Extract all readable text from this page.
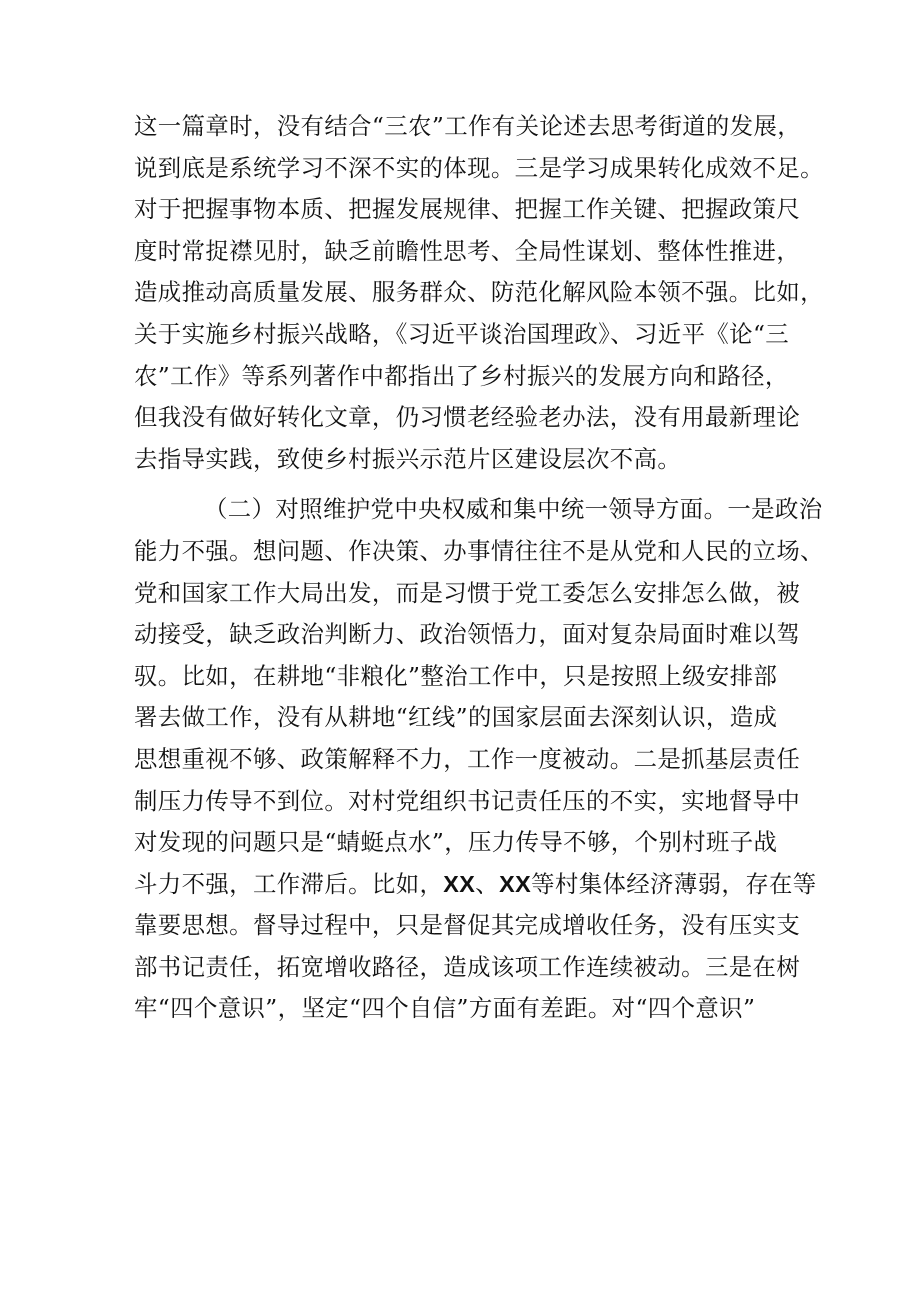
这一篇章时，没有结合“三农”工作有关论述去思考街道的发展，
说到底是系统学习不深不实的体现。三是学习成果转化成效不足。
对于把握事物本质、把握发展规律、把握工作关键、把握政策尺
度时常捉襟见肘，缺乏前瞻性思考、全局性谋划、整体性推进，
造成推动高质量发展、服务群众、防范化解风险本领不强。比如，
关于实施乡村振兴战略，《习近平谈治国理政》、习近平《论“三
农”工作》等系列著作中都指出了乡村振兴的发展方向和路径，
但我没有做好转化文章，仍习惯老经验老办法，没有用最新理论
去指导实践，致使乡村振兴示范片区建设层次不高。
（二）对照维护党中央权威和集中统一领导方面。一是政治
能力不强。想问题、作决策、办事情往往不是从党和人民的立场、
党和国家工作大局出发，而是习惯于党工委怎么安排怎么做，被
动接受，缺乏政治判断力、政治领悟力，面对复杂局面时难以驾
驭。比如，在耕地“非粮化”整治工作中，只是按照上级安排部
署去做工作，没有从耕地“红线”的国家层面去深刻认识，造成
思想重视不够、政策解释不力，工作一度被动。二是抓基层责任
制压力传导不到位。对村党组织书记责任压的不实，实地督导中
对发现的问题只是“蜻蜓点水”，压力传导不够，个别村班子战
斗力不强，工作滞后。比如，XX、XX等村集体经济薄弱，存在等
靠要思想。督导过程中，只是督促其完成增收任务，没有压实支
部书记责任，拓宽增收路径，造成该项工作连续被动。三是在树
牢“四个意识”，坚定“四个自信”方面有差距。对“四个意识”
